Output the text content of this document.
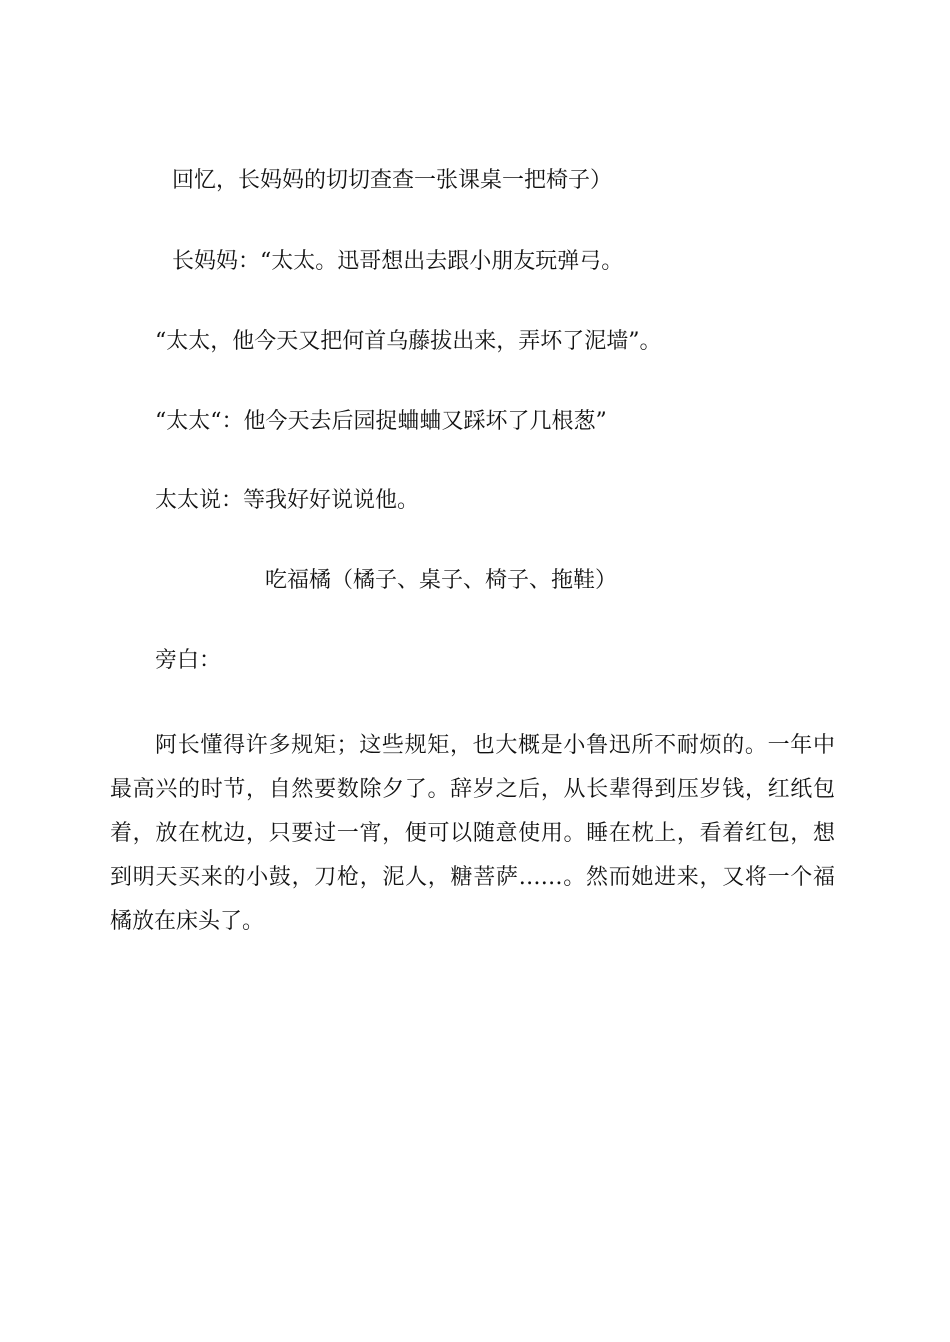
回忆，长妈妈的切切查查一张课桌一把椅子）
长妈妈：“太太。迅哥想出去跟小朋友玩弹弓。
“太太，他今天又把何首乌藤拔出来，弄坏了泥墙”。
“太太“：他今天去后园捉蛐蛐又踩坏了几根葱”
太太说：等我好好说说他。
吃福橘（橘子、桌子、椅子、拖鞋）
旁白：

阿长懂得许多规矩；这些规矩，也大概是小鲁迅所不耐烦的。一年中最高兴的时节，自然要数除夕了。辞岁之后，从长辈得到压岁钱，红纸包着，放在枕边，只要过一宵，便可以随意使用。睡在枕上，看着红包，想到明天买来的小鼓，刀枪，泥人，糖菩萨……。然而她进来，又将一个福橘放在床头了。
